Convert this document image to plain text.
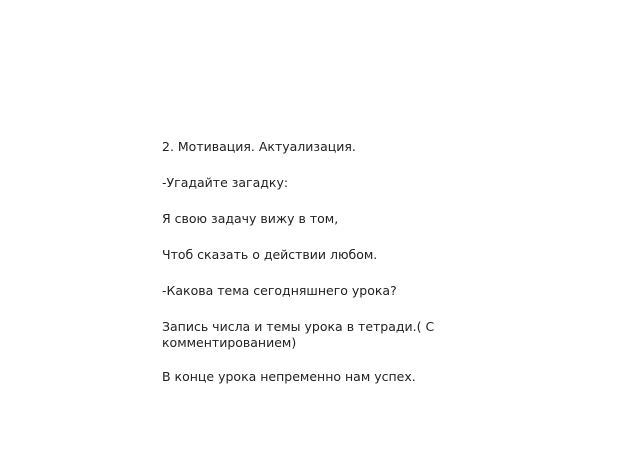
2. Мотивация. Актуализация.

-Угадайте загадку:

Я свою задачу вижу в том,

Чтоб сказать о действии любом.

-Какова тема сегодняшнего урока?

Запись числа и темы урока в тетради.( С комментированием)

В конце урока непременно нам успех.
